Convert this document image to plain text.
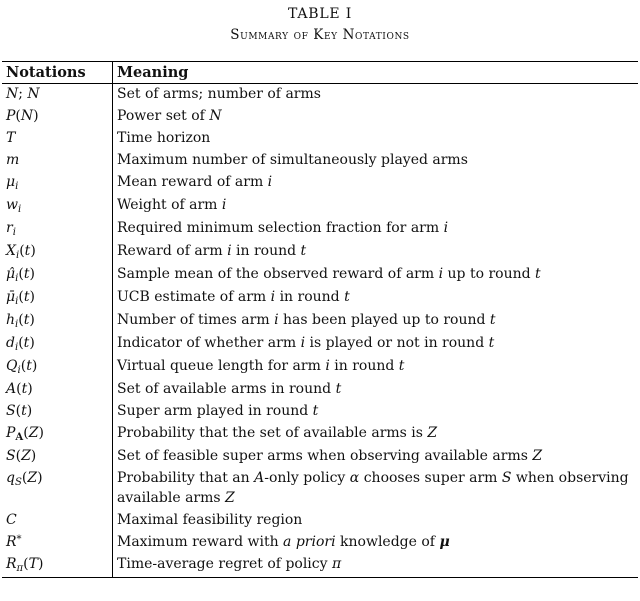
TABLE I
Summary of Key Notations
Notations	Meaning
N; N	Set of arms; number of arms
P(N)	Power set of N
T	Time horizon
m	Maximum number of simultaneously played arms
$\mu_i$	Mean reward of arm i
$w_i$	Weight of arm i
$r_i$	Required minimum selection fraction for arm i
$X_i(t)$	Reward of arm i in round t
$\mû_i(t)$	Sample mean of the observed reward of arm i up to round t
$\mū_i(t)$	UCB estimate of arm i in round t
$h_i(t)$	Number of times arm i has been played up to round t
$d_i(t)$	Indicator of whether arm i is played or not in round t
$Q_i(t)$	Virtual queue length for arm i in round t
A(t)	Set of available arms in round t
S(t)	Super arm played in round t
$P_A(Z)$	Probability that the set of available arms is Z
S(Z)	Set of feasible super arms when observing available arms Z
$q_S(Z)$	Probability that an A-only policy α chooses super arm S when observing available arms Z
C	Maximal feasibility region
R*	Maximum reward with a priori knowledge of μ
$R_\pi(T)$	Time-average regret of policy π
